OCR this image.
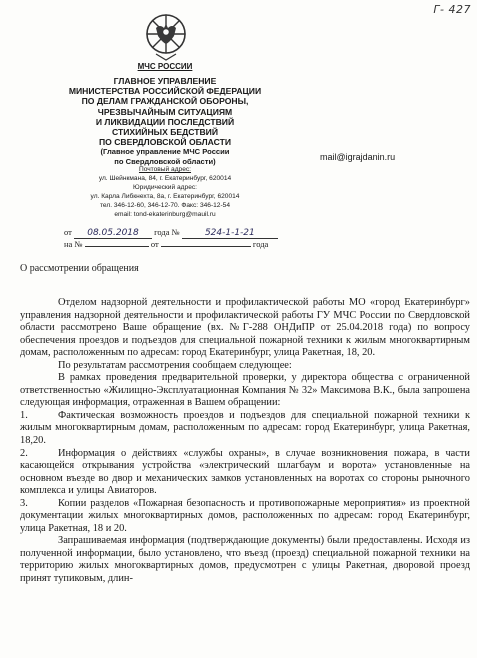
Г- 427
МЧС РОССИИ
ГЛАВНОЕ УПРАВЛЕНИЕ
МИНИСТЕРСТВА РОССИЙСКОЙ ФЕДЕРАЦИИ
ПО ДЕЛАМ ГРАЖДАНСКОЙ ОБОРОНЫ,
ЧРЕЗВЫЧАЙНЫМ СИТУАЦИЯМ
И ЛИКВИДАЦИИ ПОСЛЕДСТВИЙ
СТИХИЙНЫХ БЕДСТВИЙ
ПО СВЕРДЛОВСКОЙ ОБЛАСТИ
(Главное управление МЧС России
по Свердловской области)
Почтовый адрес:
ул. Шейнкмана, 84, г. Екатеринбург, 620014
Юридический адрес:
ул. Карла Либкнехта, 8а, г. Екатеринбург, 620014
тел. 346-12-60, 346-12-70. Факс: 346-12-54
email: tond-ekaterinburg@mauil.ru
от 08.05.2018 года №	524-1-1-21
на №	от	года
mail@igrajdanin.ru
О рассмотрении обращения

Отделом надзорной деятельности и профилактической работы МО «город Екатеринбург» управления надзорной деятельности и профилактической работы ГУ МЧС России по Свердловской области рассмотрено Ваше обращение (вх. №Г-288 ОНДиПР от 25.04.2018 года) по вопросу обеспечения проездов и подъездов для специальной пожарной техники к жилым многоквартирным домам, расположенным по адресам: город Екатеринбург, улица Ракетная, 18, 20.

По результатам рассмотрения сообщаем следующее:

В рамках проведения предварительной проверки, у директора общества с ограниченной ответственностью «Жилищно-Эксплуатационная Компания № 32» Максимова В.К., была запрошена следующая информация, отраженная в Вашем обращении:

1.	Фактическая возможность проездов и подъездов для специальной пожарной техники к жилым многоквартирным домам, расположенным по адресам: город Екатеринбург, улица Ракетная, 18,20.

2.	Информация о действиях «службы охраны», в случае возникновения пожара, в части касающейся открывания устройства «электрический шлагбаум и ворота» установленные на основном въезде во двор и механических замков установленных на воротах со стороны рыночного комплекса и улицы Авиаторов.

3.	Копии разделов «Пожарная безопасность и противопожарные мероприятия» из проектной документации жилых многоквартирных домов, расположенных по адресам: город Екатеринбург, улица Ракетная, 18 и 20.

Запрашиваемая информация (подтверждающие документы) были предоставлены. Исходя из полученной информации, было установлено, что въезд (проезд) специальной пожарной техники на территорию жилых многоквартирных домов, предусмотрен с улицы Ракетная, дворовой проезд принят тупиковым, длин-
